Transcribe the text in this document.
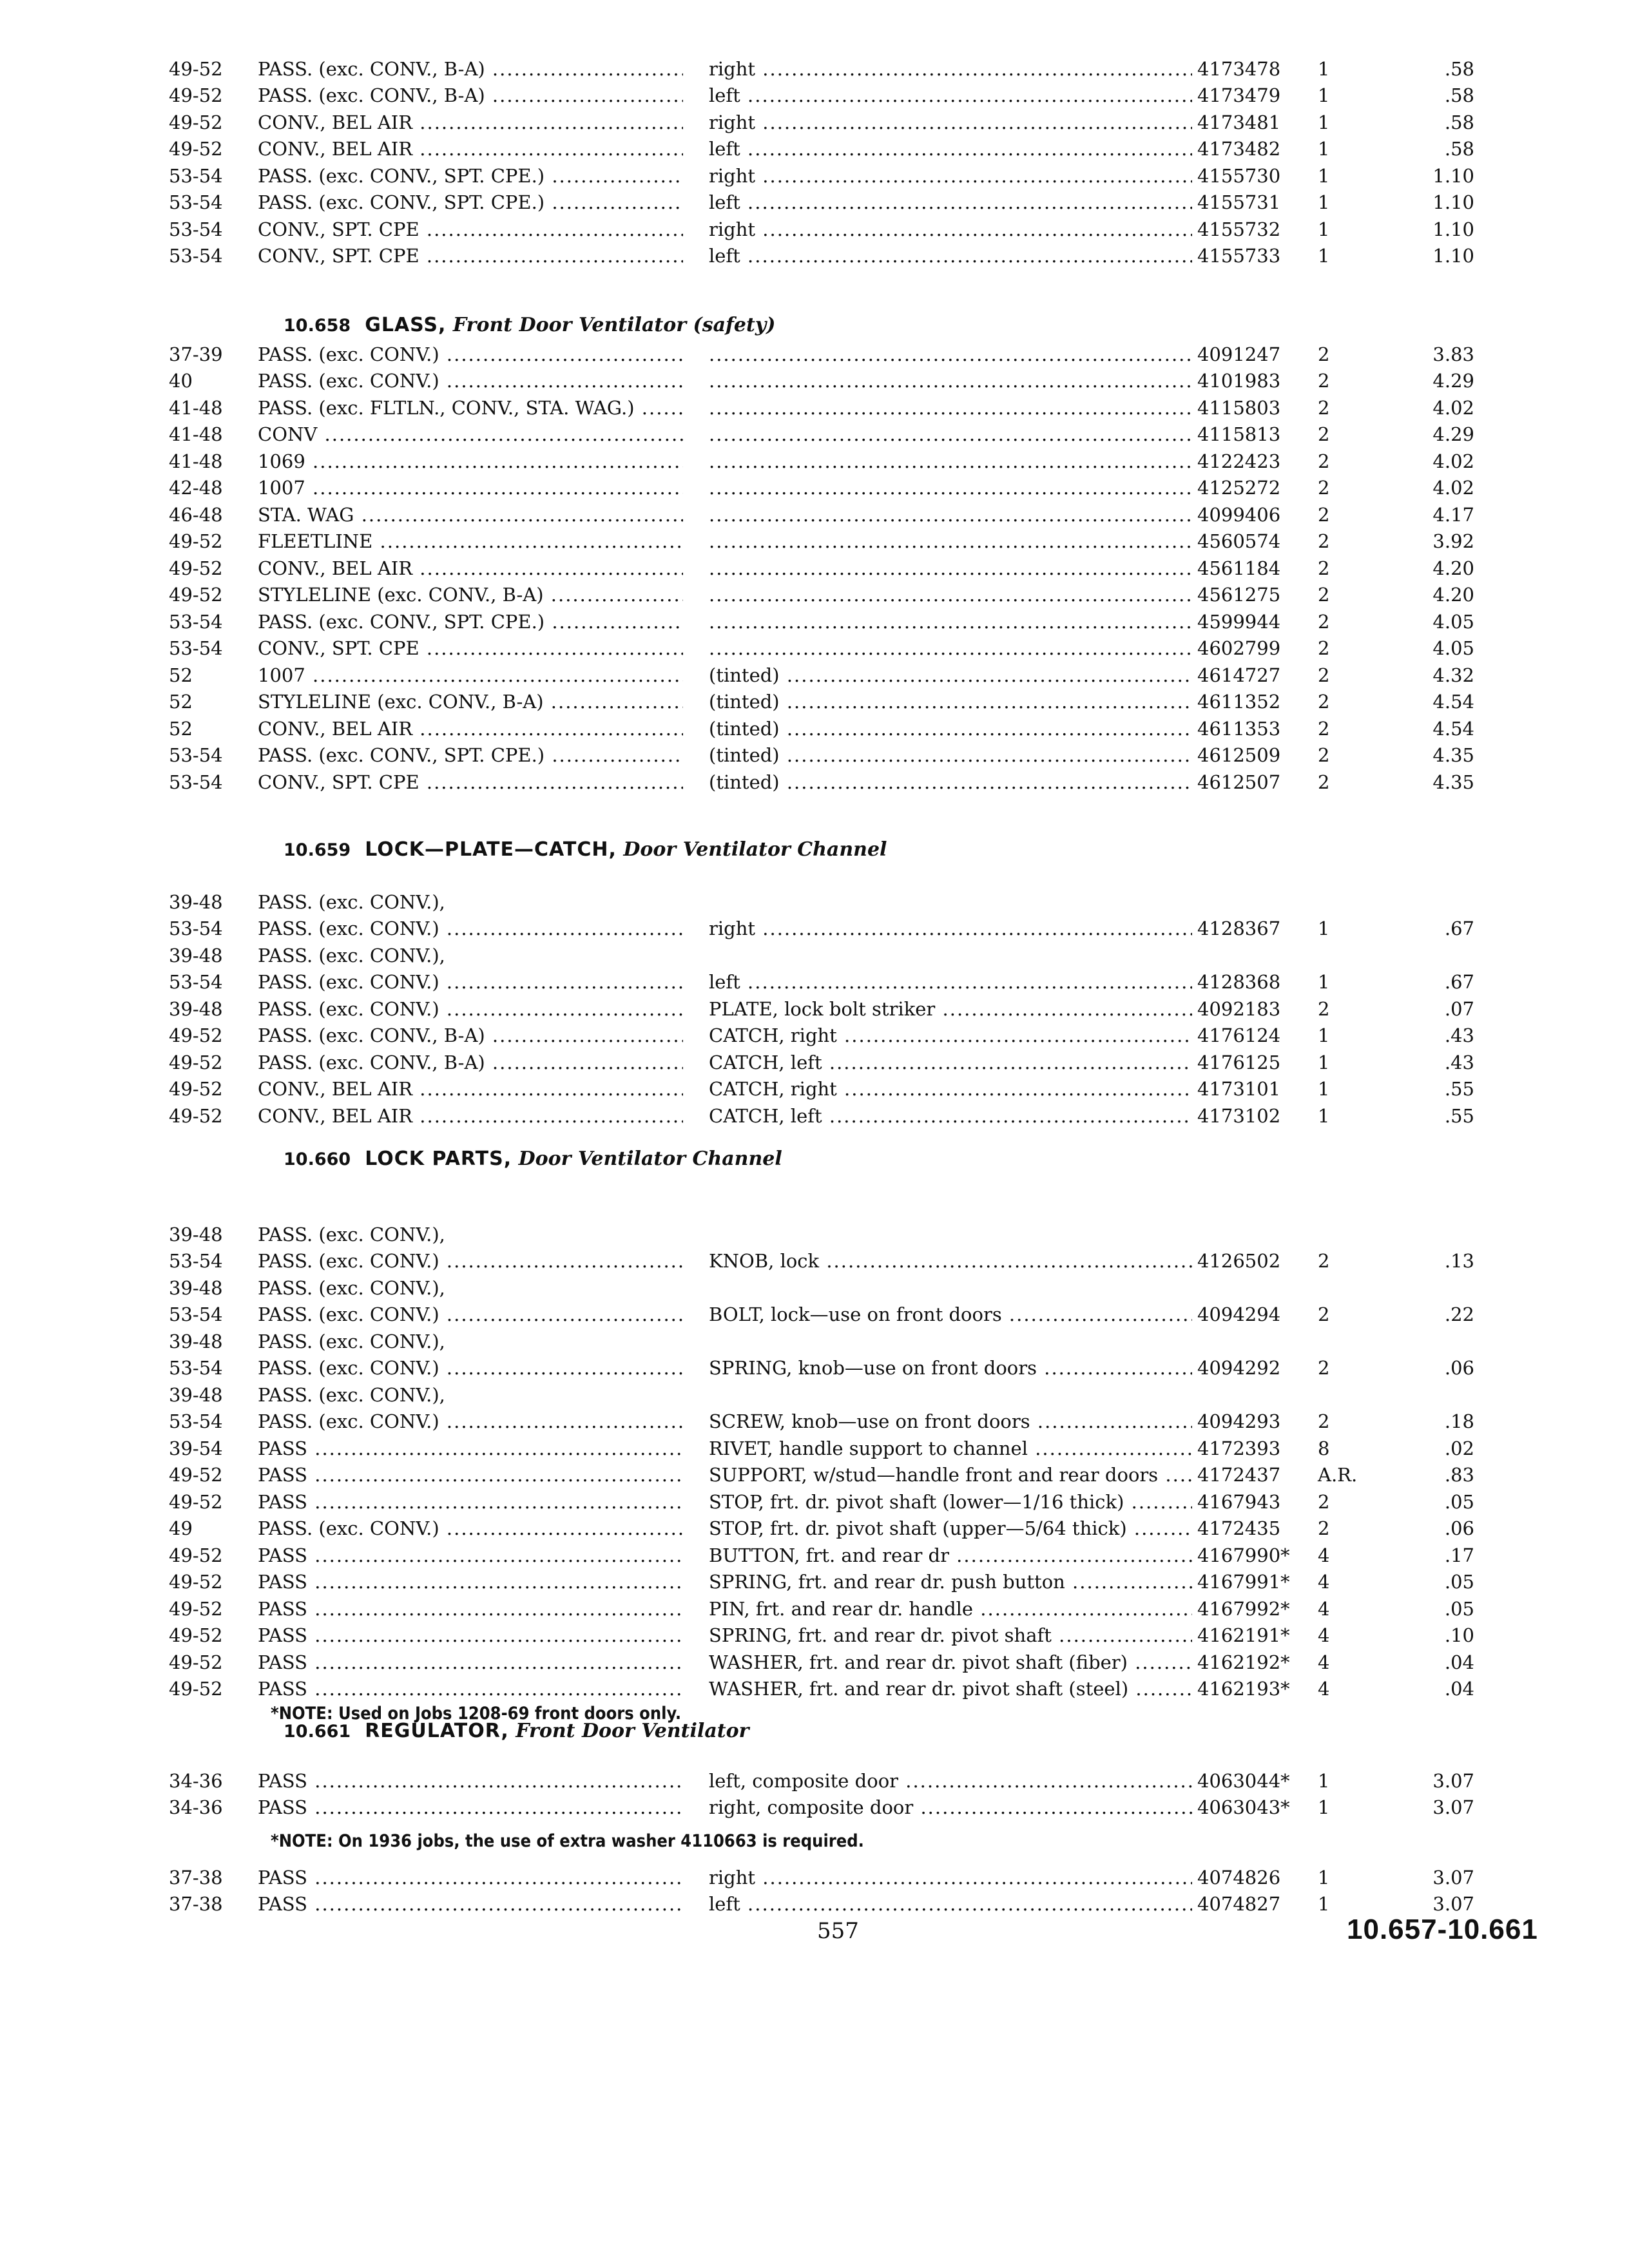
49-52 PASS. (exc. CONV., B-A) .....	right .....	4173478 1	.58
49-52 PASS. (exc. CONV., B-A) .....	left .....	4173479 1	.58
49-52 CONV., BEL AIR .....	right .....	4173481 1	.58
49-52 CONV., BEL AIR .....	left .....	4173482 1	.58
53-54 PASS. (exc. CONV., SPT. CPE.) .....	right .....	4155730 1	1.10
53-54 PASS. (exc. CONV., SPT. CPE.) .....	left .....	4155731 1	1.10
53-54 CONV., SPT. CPE .....	right .....	4155732 1	1.10
53-54 CONV., SPT. CPE .....	left .....	4155733 1	1.10
10.658 GLASS, Front Door Ventilator (safety)
37-39 PASS. (exc. CONV.) ..... .....	4091247 2	3.83
40	PASS. (exc. CONV.) ..... .....	4101983 2	4.29
41-48 PASS. (exc. FLTLN., CONV., STA. WAG.) ..... .....	4115803 2	4.02
41-48 CONV ..... .....	4115813 2	4.29
41-48 1069 ..... .....	4122423 2	4.02
42-48 1007 ..... .....	4125272 2	4.02
46-48 STA. WAG ..... .....	4099406 2	4.17
49-52 FLEETLINE ..... .....	4560574 2	3.92
49-52 CONV., BEL AIR ..... .....	4561184 2	4.20
49-52 STYLELINE (exc. CONV., B-A) ..... .....	4561275 2	4.20
53-54 PASS. (exc. CONV., SPT. CPE.) ..... .....	4599944 2	4.05
53-54 CONV., SPT. CPE ..... .....	4602799 2	4.05
52	1007 .....	(tinted) .....	4614727 2	4.32
52	STYLELINE (exc. CONV., B-A) .....	(tinted) .....	4611352 2	4.54
52	CONV., BEL AIR .....	(tinted) .....	4611353 2	4.54
53-54 PASS. (exc. CONV., SPT. CPE.) .....	(tinted) .....	4612509 2	4.35
53-54 CONV., SPT. CPE .....	(tinted) .....	4612507 2	4.35
10.659 LOCK—PLATE—CATCH, Door Ventilator Channel
39-48 PASS. (exc. CONV.),
53-54 PASS. (exc. CONV.) .....	right .....	4128367 1	.67
39-48 PASS. (exc. CONV.),
53-54 PASS. (exc. CONV.) .....	left .....	4128368 1	.67
39-48 PASS. (exc. CONV.) .....	PLATE, lock bolt striker .....	4092183 2	.07
49-52 PASS. (exc. CONV., B-A) .....	CATCH, right .....	4176124 1	.43
49-52 PASS. (exc. CONV., B-A) .....	CATCH, left .....	4176125 1	.43
49-52 CONV., BEL AIR .....	CATCH, right .....	4173101 1	.55
49-52 CONV., BEL AIR .....	CATCH, left .....	4173102 1	.55
10.660 LOCK PARTS, Door Ventilator Channel
39-48 PASS. (exc. CONV.),
53-54 PASS. (exc. CONV.) .....	KNOB, lock .....	4126502 2	.13
39-48 PASS. (exc. CONV.),
53-54 PASS. (exc. CONV.) .....	BOLT, lock—use on front doors .....	4094294 2	.22
39-48 PASS. (exc. CONV.),
53-54 PASS. (exc. CONV.) .....	SPRING, knob—use on front doors .....	4094292 2	.06
39-48 PASS. (exc. CONV.),
53-54 PASS. (exc. CONV.) .....	SCREW, knob—use on front doors .....	4094293 2	.18
39-54 PASS .....	RIVET, handle support to channel .....	4172393 8	.02
49-52 PASS .....	SUPPORT, w/stud—handle front and rear doors .....	4172437 A.R.	.83
49-52 PASS .....	STOP, frt. dr. pivot shaft (lower—1/16 thick) .....	4167943 2	.05
49	PASS. (exc. CONV.) .....	STOP, frt. dr. pivot shaft (upper—5/64 thick) .....	4172435 2	.06
49-52 PASS .....	BUTTON, frt. and rear dr .....	4167990* 4	.17
49-52 PASS .....	SPRING, frt. and rear dr. push button .....	4167991* 4	.05
49-52 PASS .....	PIN, frt. and rear dr. handle .....	4167992* 4	.05
49-52 PASS .....	SPRING, frt. and rear dr. pivot shaft .....	4162191* 4	.10
49-52 PASS .....	WASHER, frt. and rear dr. pivot shaft (fiber) .....	4162192* 4	.04
49-52 PASS .....	WASHER, frt. and rear dr. pivot shaft (steel) .....	4162193* 4	.04
*NOTE: Used on Jobs 1208-69 front doors only.
10.661 REGULATOR, Front Door Ventilator
34-36 PASS .....	left, composite door .....	4063044* 1	3.07
34-36 PASS .....	right, composite door .....	4063043* 1	3.07
37-38 PASS .....	right .....	4074826 1	3.07
37-38 PASS .....	left .....	4074827 1	3.07
*NOTE: On 1936 jobs, the use of extra washer 4110663 is required.
557	10.657-10.661
